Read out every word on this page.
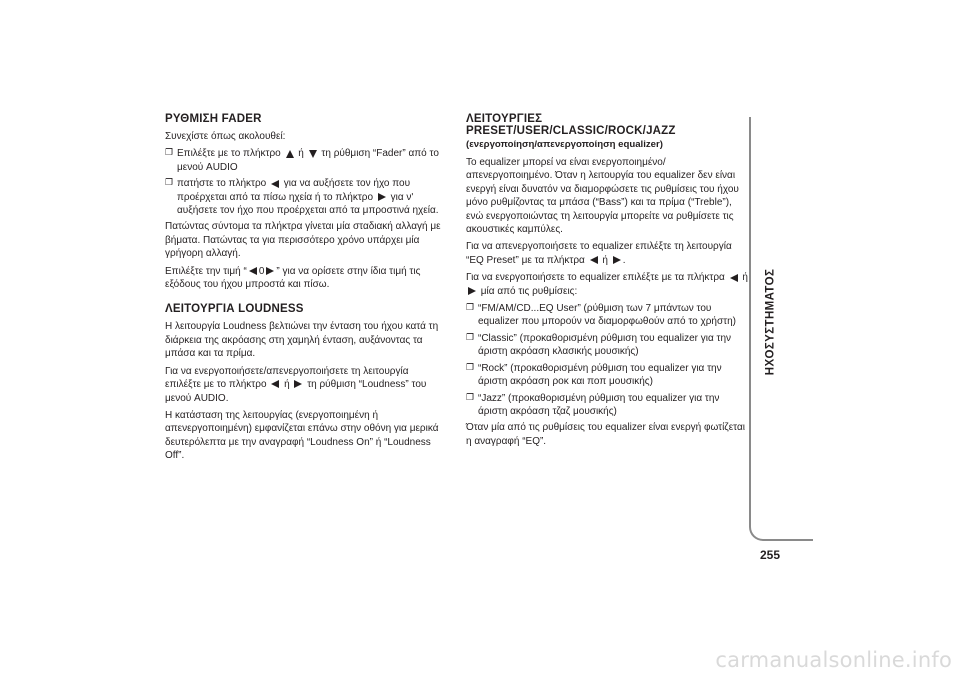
ΡΥΘΜΙΣΗ FADER

Συνεχίστε όπως ακολουθεί:

❐ Επιλέξτε με το πλήκτρο ή τη ρύθμιση “Fader” από το μενού AUDIO
❐ πατήστε το πλήκτρο για να αυξήσετε τον ήχο που προέρχεται από τα πίσω ηχεία ή το πλήκτρο για ν' αυξήσετε τον ήχο που προέρχεται από τα μπροστινά ηχεία.

Πατώντας σύντομα τα πλήκτρα γίνεται μία σταδιακή αλλαγή με βήματα. Πατώντας τα για περισσότερο χρόνο υπάρχει μία γρήγορη αλλαγή.

Επιλέξτε την τιμή “ 0 ” για να ορίσετε στην ίδια τιμή τις εξόδους του ήχου μπροστά και πίσω.

ΛΕΙΤΟΥΡΓΙΑ LOUDNESS

Η λειτουργία Loudness βελτιώνει την ένταση του ήχου κατά τη διάρκεια της ακρόασης στη χαμηλή ένταση, αυξάνοντας τα μπάσα και τα πρίμα.

Για να ενεργοποιήσετε/απενεργοποιήσετε τη λειτουργία επιλέξτε με το πλήκτρο ή τη ρύθμιση “Loudness” του μενού AUDIO.

Η κατάσταση της λειτουργίας (ενεργοποιημένη ή απενεργοποιημένη) εμφανίζεται επάνω στην οθόνη για μερικά δευτερόλεπτα με την αναγραφή “Loudness On” ή “Loudness Off”.

ΛΕΙΤΟΥΡΓΙΕΣ
PRESET/USER/CLASSIC/ROCK/JAZZ
(ενεργοποίηση/απενεργοποίηση equalizer)

Το equalizer μπορεί να είναι ενεργοποιημένο/απενεργοποιημένο. Όταν η λειτουργία του equalizer δεν είναι ενεργή είναι δυνατόν να διαμορφώσετε τις ρυθμίσεις του ήχου μόνο ρυθμίζοντας τα μπάσα (“Bass”) και τα πρίμα (“Treble”), ενώ ενεργοποιώντας τη λειτουργία μπορείτε να ρυθμίσετε τις ακουστικές καμπύλες.

Για να απενεργοποιήσετε το equalizer επιλέξτε τη λειτουργία “EQ Preset” με τα πλήκτρα ή .

Για να ενεργοποιήσετε το equalizer επιλέξτε με τα πλήκτρα ή  μία από τις ρυθμίσεις:

❐ “FM/AM/CD...EQ User” (ρύθμιση των 7 μπάντων του equalizer που μπορούν να διαμορφωθούν από το χρήστη)
❐ “Classic” (προκαθορισμένη ρύθμιση του equalizer για την άριστη ακρόαση κλασικής μουσικής)
❐ “Rock” (προκαθορισμένη ρύθμιση του equalizer για την άριστη ακρόαση ροκ και ποπ μουσικής)
❐ “Jazz” (προκαθορισμένη ρύθμιση του equalizer για την άριστη ακρόαση τζαζ μουσικής)

Όταν μία από τις ρυθμίσεις του equalizer είναι ενεργή φωτίζεται η αναγραφή “EQ”.

ΗΧΟΣΥΣΤΗΜΑΤΟΣ
255
carmanualsonline.info
